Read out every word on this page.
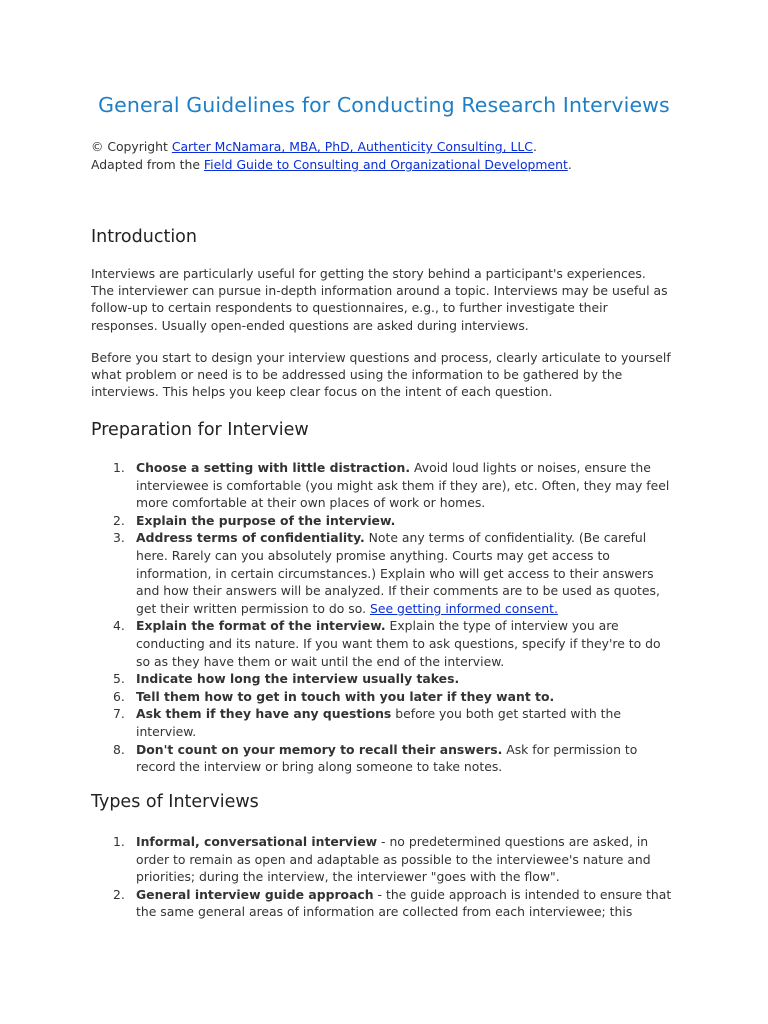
General Guidelines for Conducting Research Interviews
© Copyright Carter McNamara, MBA, PhD, Authenticity Consulting, LLC.
Adapted from the Field Guide to Consulting and Organizational Development.
Introduction

Interviews are particularly useful for getting the story behind a participant's experiences. The interviewer can pursue in-depth information around a topic. Interviews may be useful as follow-up to certain respondents to questionnaires, e.g., to further investigate their responses. Usually open-ended questions are asked during interviews.

Before you start to design your interview questions and process, clearly articulate to yourself what problem or need is to be addressed using the information to be gathered by the interviews. This helps you keep clear focus on the intent of each question.

Preparation for Interview
1. Choose a setting with little distraction. Avoid loud lights or noises, ensure the interviewee is comfortable (you might ask them if they are), etc. Often, they may feel more comfortable at their own places of work or homes.
2. Explain the purpose of the interview.
3. Address terms of confidentiality. Note any terms of confidentiality. (Be careful here. Rarely can you absolutely promise anything. Courts may get access to information, in certain circumstances.) Explain who will get access to their answers and how their answers will be analyzed. If their comments are to be used as quotes, get their written permission to do so. See getting informed consent.
4. Explain the format of the interview. Explain the type of interview you are conducting and its nature. If you want them to ask questions, specify if they're to do so as they have them or wait until the end of the interview.
5. Indicate how long the interview usually takes.
6. Tell them how to get in touch with you later if they want to.
7. Ask them if they have any questions before you both get started with the interview.
8. Don't count on your memory to recall their answers. Ask for permission to record the interview or bring along someone to take notes.
Types of Interviews
1. Informal, conversational interview - no predetermined questions are asked, in order to remain as open and adaptable as possible to the interviewee's nature and priorities; during the interview, the interviewer "goes with the flow".
2. General interview guide approach - the guide approach is intended to ensure that the same general areas of information are collected from each interviewee; this
